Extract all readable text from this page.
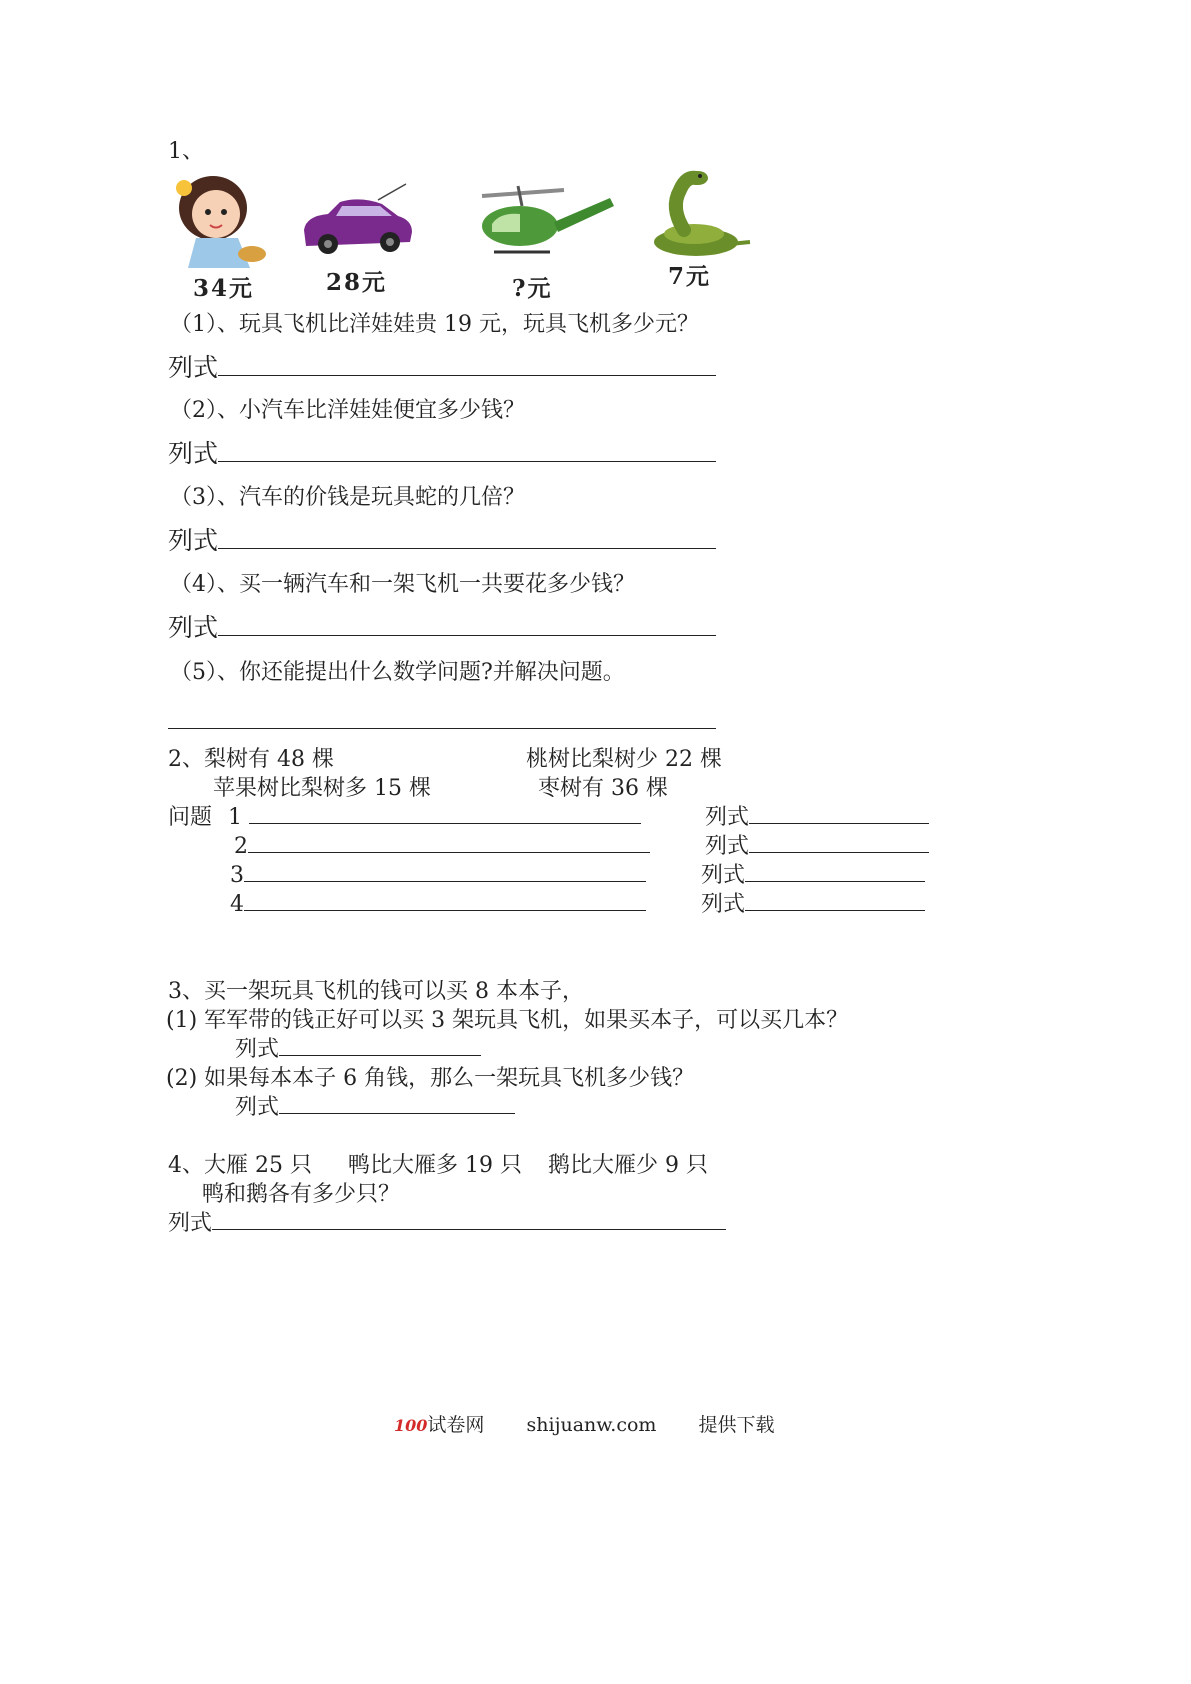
1、
34元	28元	?元	7元
（1）、玩具飞机比洋娃娃贵 19 元，玩具飞机多少元？
列式
（2）、小汽车比洋娃娃便宜多少钱？
列式
（3）、汽车的价钱是玩具蛇的几倍？
列式
（4）、买一辆汽车和一架飞机一共要花多少钱？
列式
（5）、你还能提出什么数学问题?并解决问题。
2、梨树有 48 棵	桃树比梨树少 22 棵
苹果树比梨树多 15 棵	枣树有 36 棵
问题 1	列式
2	列式
3	列式
4	列式
3、买一架玩具飞机的钱可以买 8 本本子，
(1) 军军带的钱正好可以买 3 架玩具飞机，如果买本子，可以买几本？
列式
(2) 如果每本本子 6 角钱，那么一架玩具飞机多少钱？
列式
4、大雁 25 只 鸭比大雁多 19 只 鹅比大雁少 9 只
鸭和鹅各有多少只？
列式
100试卷网 shijuanw.com 提供下载
